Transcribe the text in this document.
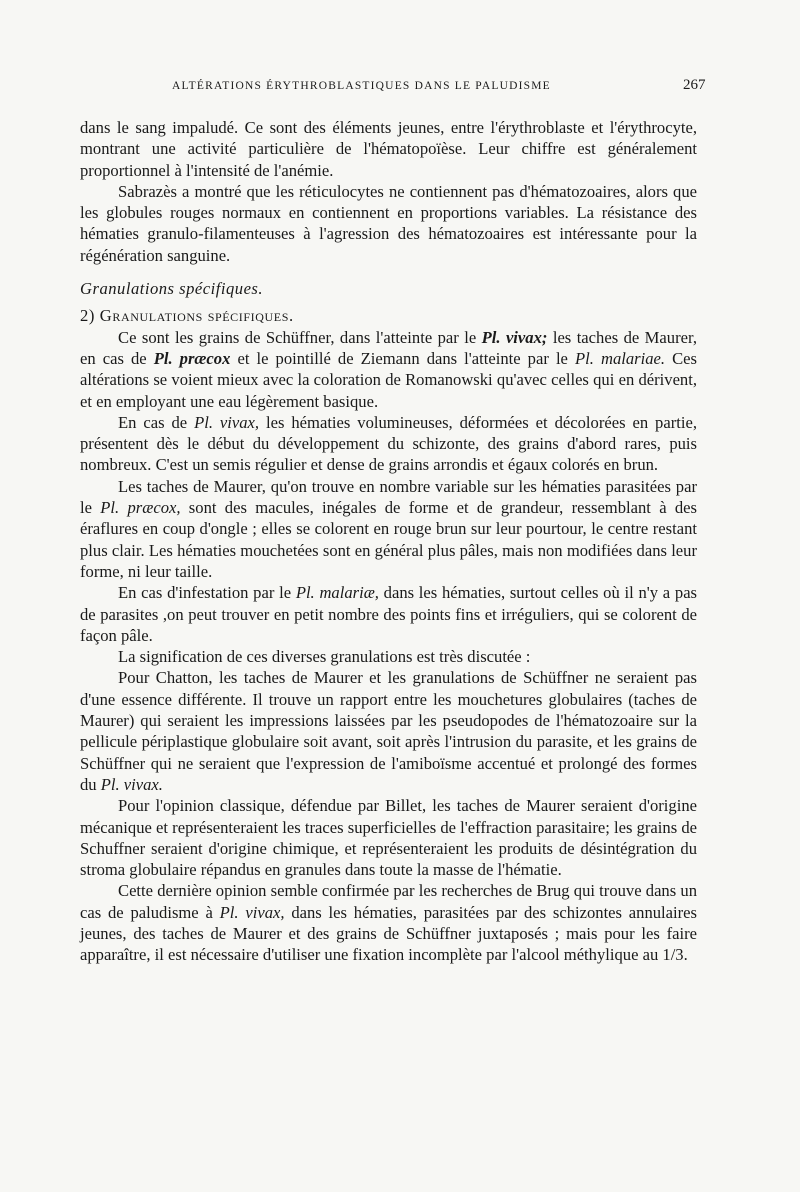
ALTÉRATIONS ÉRYTHROBLASTIQUES DANS LE PALUDISME	267

dans le sang impaludé. Ce sont des éléments jeunes, entre l'érythroblaste et l'érythrocyte, montrant une activité particulière de l'hématopoïèse. Leur chiffre est généralement proportionnel à l'intensité de l'anémie.

Sabrazès a montré que les réticulocytes ne contiennent pas d'hématozoaires, alors que les globules rouges normaux en contiennent en proportions variables. La résistance des hématies granulo-filamenteuses à l'agression des hématozoaires est intéressante pour la régénération sanguine.

Granulations spécifiques.
2) Granulations spécifiques.

Ce sont les grains de Schüffner, dans l'atteinte par le Pl. vivax; les taches de Maurer, en cas de Pl. præcox et le pointillé de Ziemann dans l'atteinte par le Pl. malariae. Ces altérations se voient mieux avec la coloration de Romanowski qu'avec celles qui en dérivent, et en employant une eau légèrement basique.

En cas de Pl. vivax, les hématies volumineuses, déformées et décolorées en partie, présentent dès le début du développement du schizonte, des grains d'abord rares, puis nombreux. C'est un semis régulier et dense de grains arrondis et égaux colorés en brun.

Les taches de Maurer, qu'on trouve en nombre variable sur les hématies parasitées par le Pl. præcox, sont des macules, inégales de forme et de grandeur, ressemblant à des éraflures en coup d'ongle ; elles se colorent en rouge brun sur leur pourtour, le centre restant plus clair. Les hématies mouchetées sont en général plus pâles, mais non modifiées dans leur forme, ni leur taille.

En cas d'infestation par le Pl. malariæ, dans les hématies, surtout celles où il n'y a pas de parasites ,on peut trouver en petit nombre des points fins et irréguliers, qui se colorent de façon pâle.

La signification de ces diverses granulations est très discutée :

Pour Chatton, les taches de Maurer et les granulations de Schüffner ne seraient pas d'une essence différente. Il trouve un rapport entre les mouchetures globulaires (taches de Maurer) qui seraient les impressions laissées par les pseudopodes de l'hématozoaire sur la pellicule périplastique globulaire soit avant, soit après l'intrusion du parasite, et les grains de Schüffner qui ne seraient que l'expression de l'amiboïsme accentué et prolongé des formes du Pl. vivax.

Pour l'opinion classique, défendue par Billet, les taches de Maurer seraient d'origine mécanique et représenteraient les traces superficielles de l'effraction parasitaire; les grains de Schuffner seraient d'origine chimique, et représenteraient les produits de désintégration du stroma globulaire répandus en granules dans toute la masse de l'hématie.

Cette dernière opinion semble confirmée par les recherches de Brug qui trouve dans un cas de paludisme à Pl. vivax, dans les hématies, parasitées par des schizontes annulaires jeunes, des taches de Maurer et des grains de Schüffner juxtaposés ; mais pour les faire apparaître, il est nécessaire d'utiliser une fixation incomplète par l'alcool méthylique au 1/3.
